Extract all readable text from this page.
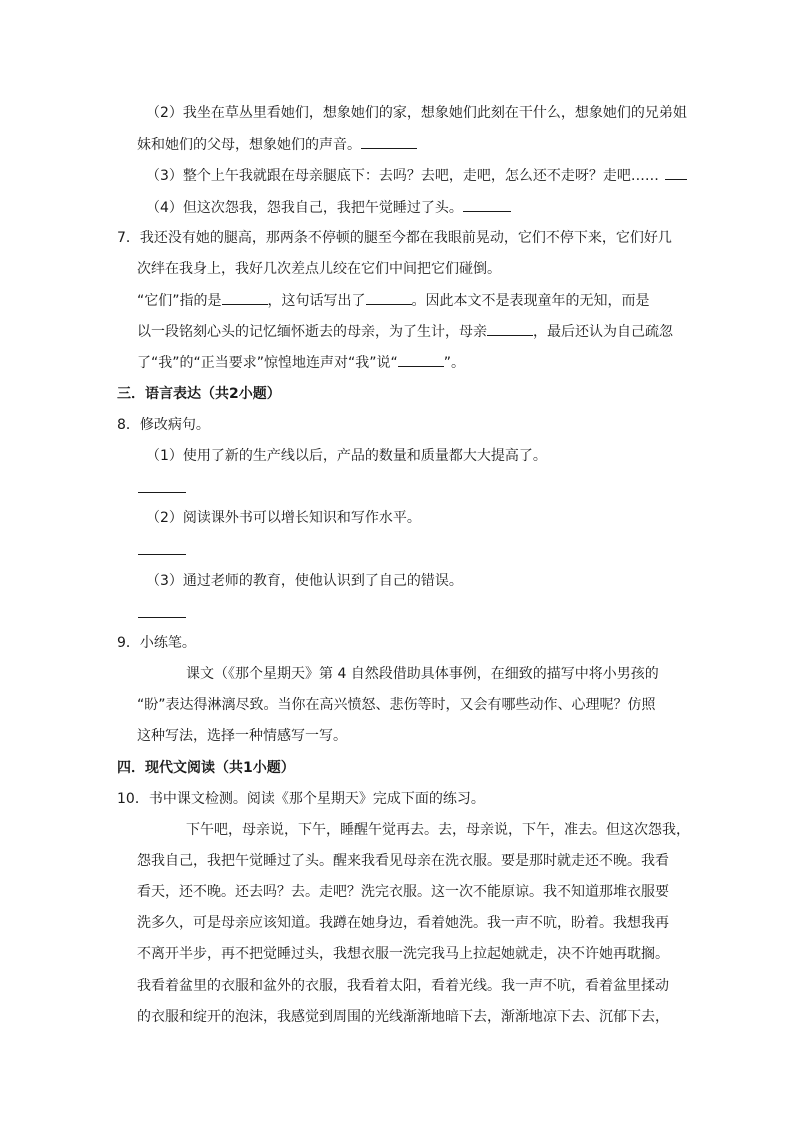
（2）我坐在草丛里看她们，想象她们的家，想象她们此刻在干什么，想象她们的兄弟姐
妹和她们的父母，想象她们的声音。
（3）整个上午我就跟在母亲腿底下：去吗？去吧，走吧，怎么还不走呀？走吧……
（4）但这次怨我，怨我自己，我把午觉睡过了头。
7．我还没有她的腿高，那两条不停顿的腿至今都在我眼前晃动，它们不停下来，它们好几
次绊在我身上，我好几次差点儿绞在它们中间把它们碰倒。
“它们”指的是	，这句话写出了	。因此本文不是表现童年的无知，而是
以一段铭刻心头的记忆缅怀逝去的母亲，为了生计，母亲	，最后还认为自己疏忽
了“我”的“正当要求”惊惶地连声对“我”说“	”。
三．语言表达（共2小题）
8．修改病句。
（1）使用了新的生产线以后，产品的数量和质量都大大提高了。
（2）阅读课外书可以增长知识和写作水平。
（3）通过老师的教育，使他认识到了自己的错误。
9．小练笔。
课文（《那个星期天》第 4 自然段借助具体事例，在细致的描写中将小男孩的
“盼”表达得淋漓尽致。当你在高兴愤怒、悲伤等时，又会有哪些动作、心理呢？仿照
这种写法，选择一种情感写一写。
四．现代文阅读（共1小题）
10．书中课文检测。阅读《那个星期天》完成下面的练习。
下午吧，母亲说，下午，睡醒午觉再去。去，母亲说，下午，准去。但这次怨我，
怨我自己，我把午觉睡过了头。醒来我看见母亲在洗衣服。要是那时就走还不晚。我看
看天，还不晚。还去吗？去。走吧？洗完衣服。这一次不能原谅。我不知道那堆衣服要
洗多久，可是母亲应该知道。我蹲在她身边，看着她洗。我一声不吭，盼着。我想我再
不离开半步，再不把觉睡过头，我想衣服一洗完我马上拉起她就走，决不许她再耽搁。
我看着盆里的衣服和盆外的衣服，我看着太阳，看着光线。我一声不吭，看着盆里揉动
的衣服和绽开的泡沫，我感觉到周围的光线渐渐地暗下去，渐渐地凉下去、沉郁下去，
